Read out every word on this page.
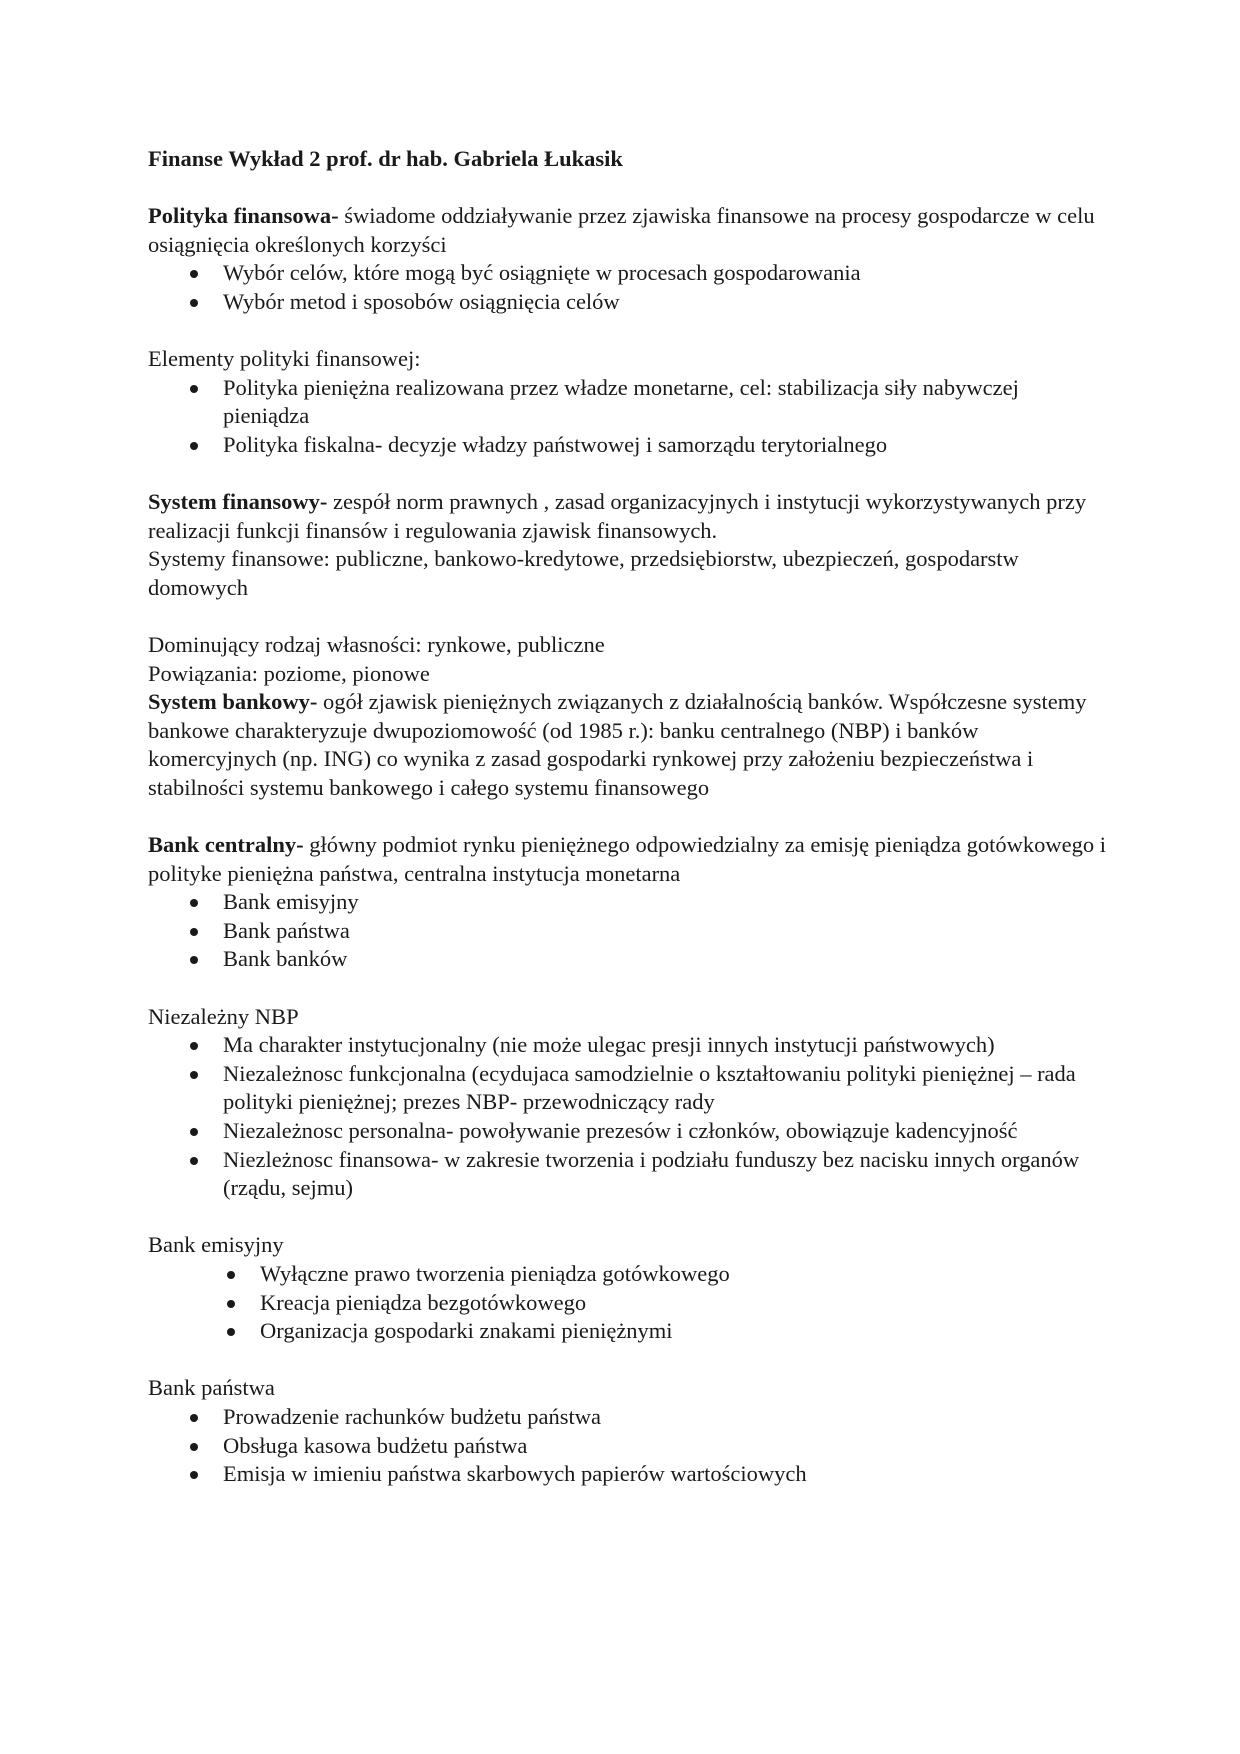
Finanse Wykład 2 prof. dr hab. Gabriela Łukasik

Polityka finansowa- świadome oddziaływanie przez zjawiska finansowe na procesy gospodarcze w celu osiągnięcia określonych korzyści

Wybór celów, które mogą być osiągnięte w procesach gospodarowania
Wybór metod i sposobów osiągnięcia celów

Elementy polityki finansowej:

Polityka pieniężna realizowana przez władze monetarne, cel: stabilizacja siły nabywczej pieniądza
Polityka fiskalna- decyzje władzy państwowej i samorządu terytorialnego

System finansowy- zespół norm prawnych , zasad organizacyjnych i instytucji wykorzystywanych przy realizacji funkcji finansów i regulowania zjawisk finansowych.

Systemy finansowe: publiczne, bankowo-kredytowe, przedsiębiorstw, ubezpieczeń, gospodarstw domowych

Dominujący rodzaj własności: rynkowe, publiczne

Powiązania: poziome, pionowe

System bankowy- ogół zjawisk pieniężnych związanych z działalnością banków. Współczesne systemy bankowe charakteryzuje dwupoziomowość (od 1985 r.): banku centralnego (NBP) i banków komercyjnych (np. ING) co wynika z zasad gospodarki rynkowej przy założeniu bezpieczeństwa i stabilności systemu bankowego i całego systemu finansowego

Bank centralny- główny podmiot rynku pieniężnego odpowiedzialny za emisję pieniądza gotówkowego i polityke pieniężna państwa, centralna instytucja monetarna

Bank emisyjny
Bank państwa
Bank banków

Niezależny NBP

Ma charakter instytucjonalny (nie może ulegac presji innych instytucji państwowych)
Niezależnosc funkcjonalna (ecydujaca samodzielnie o kształtowaniu polityki pieniężnej – rada polityki pieniężnej; prezes NBP- przewodniczący rady
Niezależnosc personalna- powoływanie prezesów i członków, obowiązuje kadencyjność
Niezleżnosc finansowa- w zakresie tworzenia i podziału funduszy bez nacisku innych organów (rządu, sejmu)

Bank emisyjny

Wyłączne prawo tworzenia pieniądza gotówkowego
Kreacja pieniądza bezgotówkowego
Organizacja gospodarki znakami pieniężnymi

Bank państwa

Prowadzenie rachunków budżetu państwa
Obsługa kasowa budżetu państwa
Emisja w imieniu państwa skarbowych papierów wartościowych
